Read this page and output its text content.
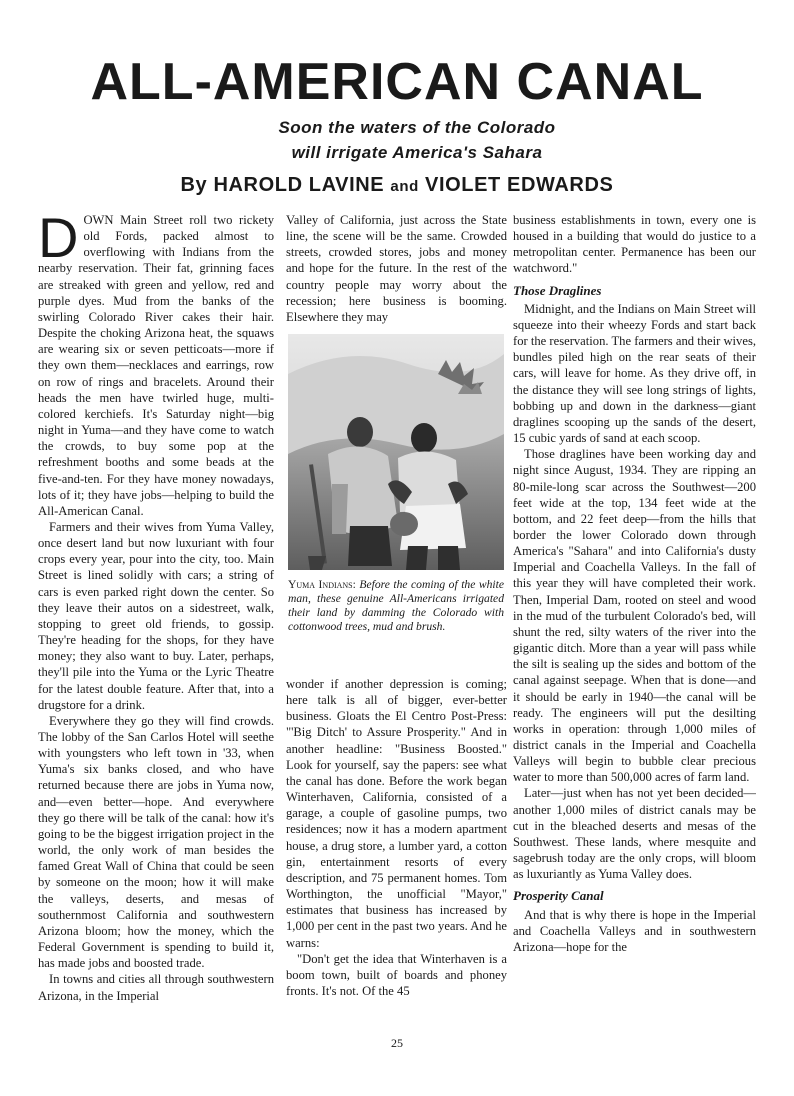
ALL-AMERICAN CANAL
Soon the waters of the Colorado
will irrigate America's Sahara
By HAROLD LAVINE and VIOLET EDWARDS

DOWN Main Street roll two rickety old Fords, packed almost to overflowing with Indians from the nearby reservation. Their fat, grinning faces are streaked with green and yellow, red and purple dyes. Mud from the banks of the swirling Colorado River cakes their hair. Despite the choking Arizona heat, the squaws are wearing six or seven petticoats—more if they own them—necklaces and earrings, row on row of rings and bracelets. Around their heads the men have twirled huge, multi-colored kerchiefs. It's Saturday night—big night in Yuma—and they have come to watch the crowds, to buy some pop at the refreshment booths and some beads at the five-and-ten. For they have money nowadays, lots of it; they have jobs—helping to build the All-American Canal.

Farmers and their wives from Yuma Valley, once desert land but now luxuriant with four crops every year, pour into the city, too. Main Street is lined solidly with cars; a string of cars is even parked right down the center. So they leave their autos on a sidestreet, walk, stopping to greet old friends, to gossip. They're heading for the shops, for they have money; they also want to buy. Later, perhaps, they'll pile into the Yuma or the Lyric Theatre for the latest double feature. After that, into a drugstore for a drink.

Everywhere they go they will find crowds. The lobby of the San Carlos Hotel will seethe with youngsters who left town in '33, when Yuma's six banks closed, and who have returned because there are jobs in Yuma now, and—even better—hope. And everywhere they go there will be talk of the canal: how it's going to be the biggest irrigation project in the world, the only work of man besides the famed Great Wall of China that could be seen by someone on the moon; how it will make the valleys, deserts, and mesas of southernmost California and southwestern Arizona bloom; how the money, which the Federal Government is spending to build it, has made jobs and boosted trade.

In towns and cities all through southwestern Arizona, in the Imperial

Valley of California, just across the State line, the scene will be the same. Crowded streets, crowded stores, jobs and money and hope for the future. In the rest of the country people may worry about the recession; here business is booming. Elsewhere they may

Yuma Indians: Before the coming of the white man, these genuine All-Americans irrigated their land by damming the Colorado with cottonwood trees, mud and brush.

wonder if another depression is coming; here talk is all of bigger, ever-better business. Gloats the El Centro Post-Press: "'Big Ditch' to Assure Prosperity." And in another headline: "Business Boosted." Look for yourself, say the papers: see what the canal has done. Before the work began Winterhaven, California, consisted of a garage, a couple of gasoline pumps, two residences; now it has a modern apartment house, a drug store, a lumber yard, a cotton gin, entertainment resorts of every description, and 75 permanent homes. Tom Worthington, the unofficial "Mayor," estimates that business has increased by 1,000 per cent in the past two years. And he warns:

"Don't get the idea that Winterhaven is a boom town, built of boards and phoney fronts. It's not. Of the 45

business establishments in town, every one is housed in a building that would do justice to a metropolitan center. Permanence has been our watchword."

Those Draglines

Midnight, and the Indians on Main Street will squeeze into their wheezy Fords and start back for the reservation. The farmers and their wives, bundles piled high on the rear seats of their cars, will leave for home. As they drive off, in the distance they will see long strings of lights, bobbing up and down in the darkness—giant draglines scooping up the sands of the desert, 15 cubic yards of sand at each scoop.

Those draglines have been working day and night since August, 1934. They are ripping an 80-mile-long scar across the Southwest—200 feet wide at the top, 134 feet wide at the bottom, and 22 feet deep—from the hills that border the lower Colorado down through America's "Sahara" and into California's dusty Imperial and Coachella Valleys. In the fall of this year they will have completed their work. Then, Imperial Dam, rooted on steel and wood in the mud of the turbulent Colorado's bed, will shunt the red, silty waters of the river into the gigantic ditch. More than a year will pass while the silt is sealing up the sides and bottom of the canal against seepage. When that is done—and it should be early in 1940—the canal will be ready. The engineers will put the desilting works in operation: through 1,000 miles of district canals in the Imperial and Coachella Valleys will begin to bubble clear precious water to more than 500,000 acres of farm land.

Later—just when has not yet been decided—another 1,000 miles of district canals may be cut in the bleached deserts and mesas of the Southwest. These lands, where mesquite and sagebrush today are the only crops, will bloom as luxuriantly as Yuma Valley does.

Prosperity Canal

And that is why there is hope in the Imperial and Coachella Valleys and in southwestern Arizona—hope for the

25
